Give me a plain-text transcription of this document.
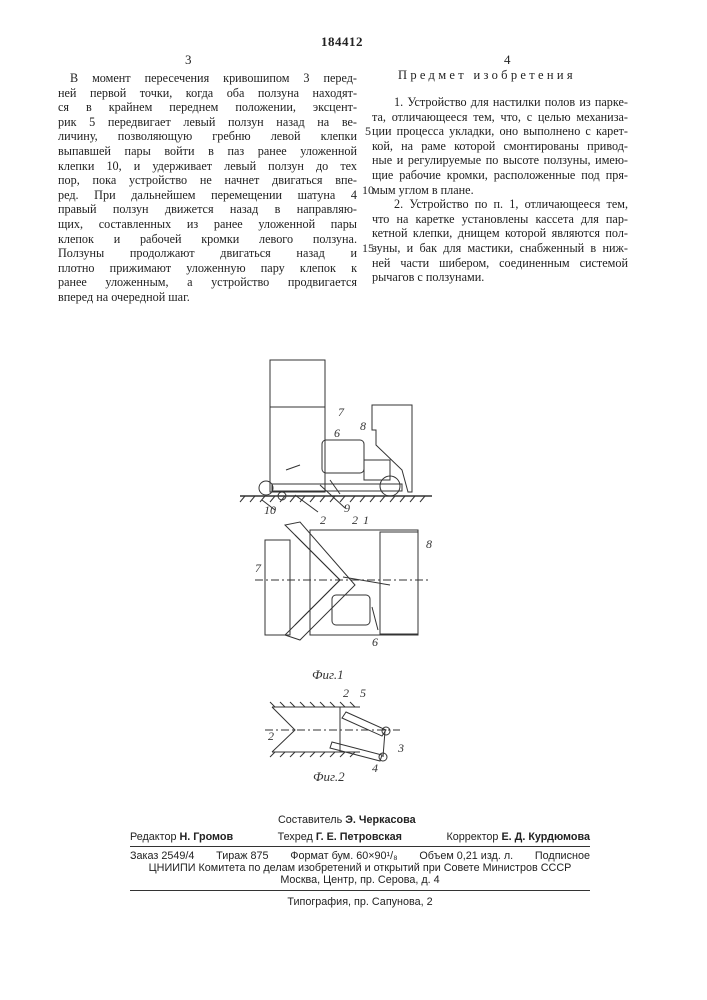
184412
3	4
В момент пересечения кривошипом 3 перед-
ней первой точки, когда оба ползуна находят-
ся в крайнем переднем положении, эксцент-
рик 5 передвигает левый ползун назад на ве-
личину, позволяющую гребню левой клепки
выпавшей пары войти в паз ранее уложенной
клепки 10, и удерживает левый ползун до тех
пор, пока устройство не начнет двигаться впе-
ред. При дальнейшем перемещении шатуна 4
правый ползун движется назад в направляю-
щих, составленных из ранее уложенной пары
клепок и рабочей кромки левого ползуна.
Ползуны продолжают двигаться назад и
плотно прижимают уложенную пару клепок к
ранее уложенным, а устройство продвигается
вперед на очередной шаг.
Предмет изобретения
1. Устройство для настилки полов из парке-
та, отличающееся тем, что, с целью механиза-
ции процесса укладки, оно выполнено с карет-
кой, на раме которой смонтированы привод-
ные и регулируемые по высоте ползуны, имею-
щие рабочие кромки, расположенные под пря-
мым углом в плане.
2. Устройство по п. 1, отличающееся тем,
что на каретке установлены кассета для пар-
кетной клепки, днищем которой являются пол-
зуны, и бак для мастики, снабженный в ниж-
ней части шибером, соединенным системой
рычагов с ползунами.
5
10
15
7
6 8
10
2
9
2 1
7
8
6
Фиг.1
2 5
2
3
4
Фиг.2
Составитель Э. Черкасова
Редактор Н. Громов	Техред Г. Е. Петровская	Корректор Е. Д. Курдюмова
Заказ 2549/4 Тираж 875 Формат бум. 60×90¹/₈ Объем 0,21 изд. л. Подписное
ЦНИИПИ Комитета по делам изобретений и открытий при Совете Министров СССР
Москва, Центр, пр. Серова, д. 4
Типография, пр. Сапунова, 2
